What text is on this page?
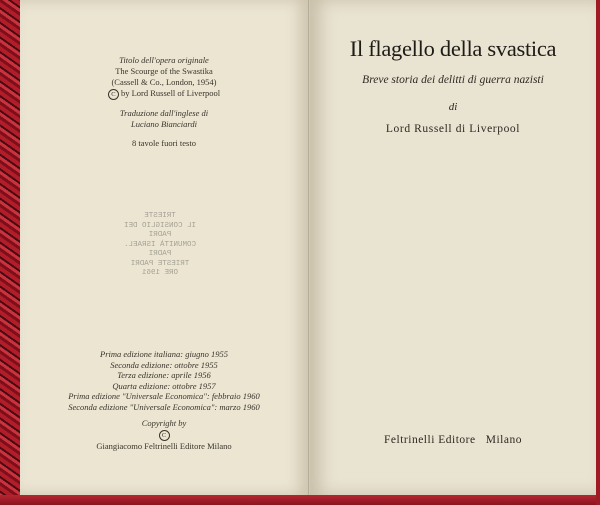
Titolo dell'opera originale
The Scourge of the Swastika
(Cassell & Co., London, 1954)
C by Lord Russell of Liverpool
Traduzione dall'inglese di
Luciano Bianciardi
8 tavole fuori testo
TRIESTE
IL CONSIGLIO DEI
PADRI
COMUNITÀ ISRAEL.
PADRI
TRIESTE PADRI
ORE 1961
Prima edizione italiana: giugno 1955
Seconda edizione: ottobre 1955
Terza edizione: aprile 1956
Quarta edizione: ottobre 1957
Prima edizione "Universale Economica": febbraio 1960
Seconda edizione "Universale Economica": marzo 1960
Copyright by
C
Giangiacomo Feltrinelli Editore Milano
Il flagello della svastica
Breve storia dei delitti di guerra nazisti
di
Lord Russell di Liverpool
Feltrinelli Editore   Milano
